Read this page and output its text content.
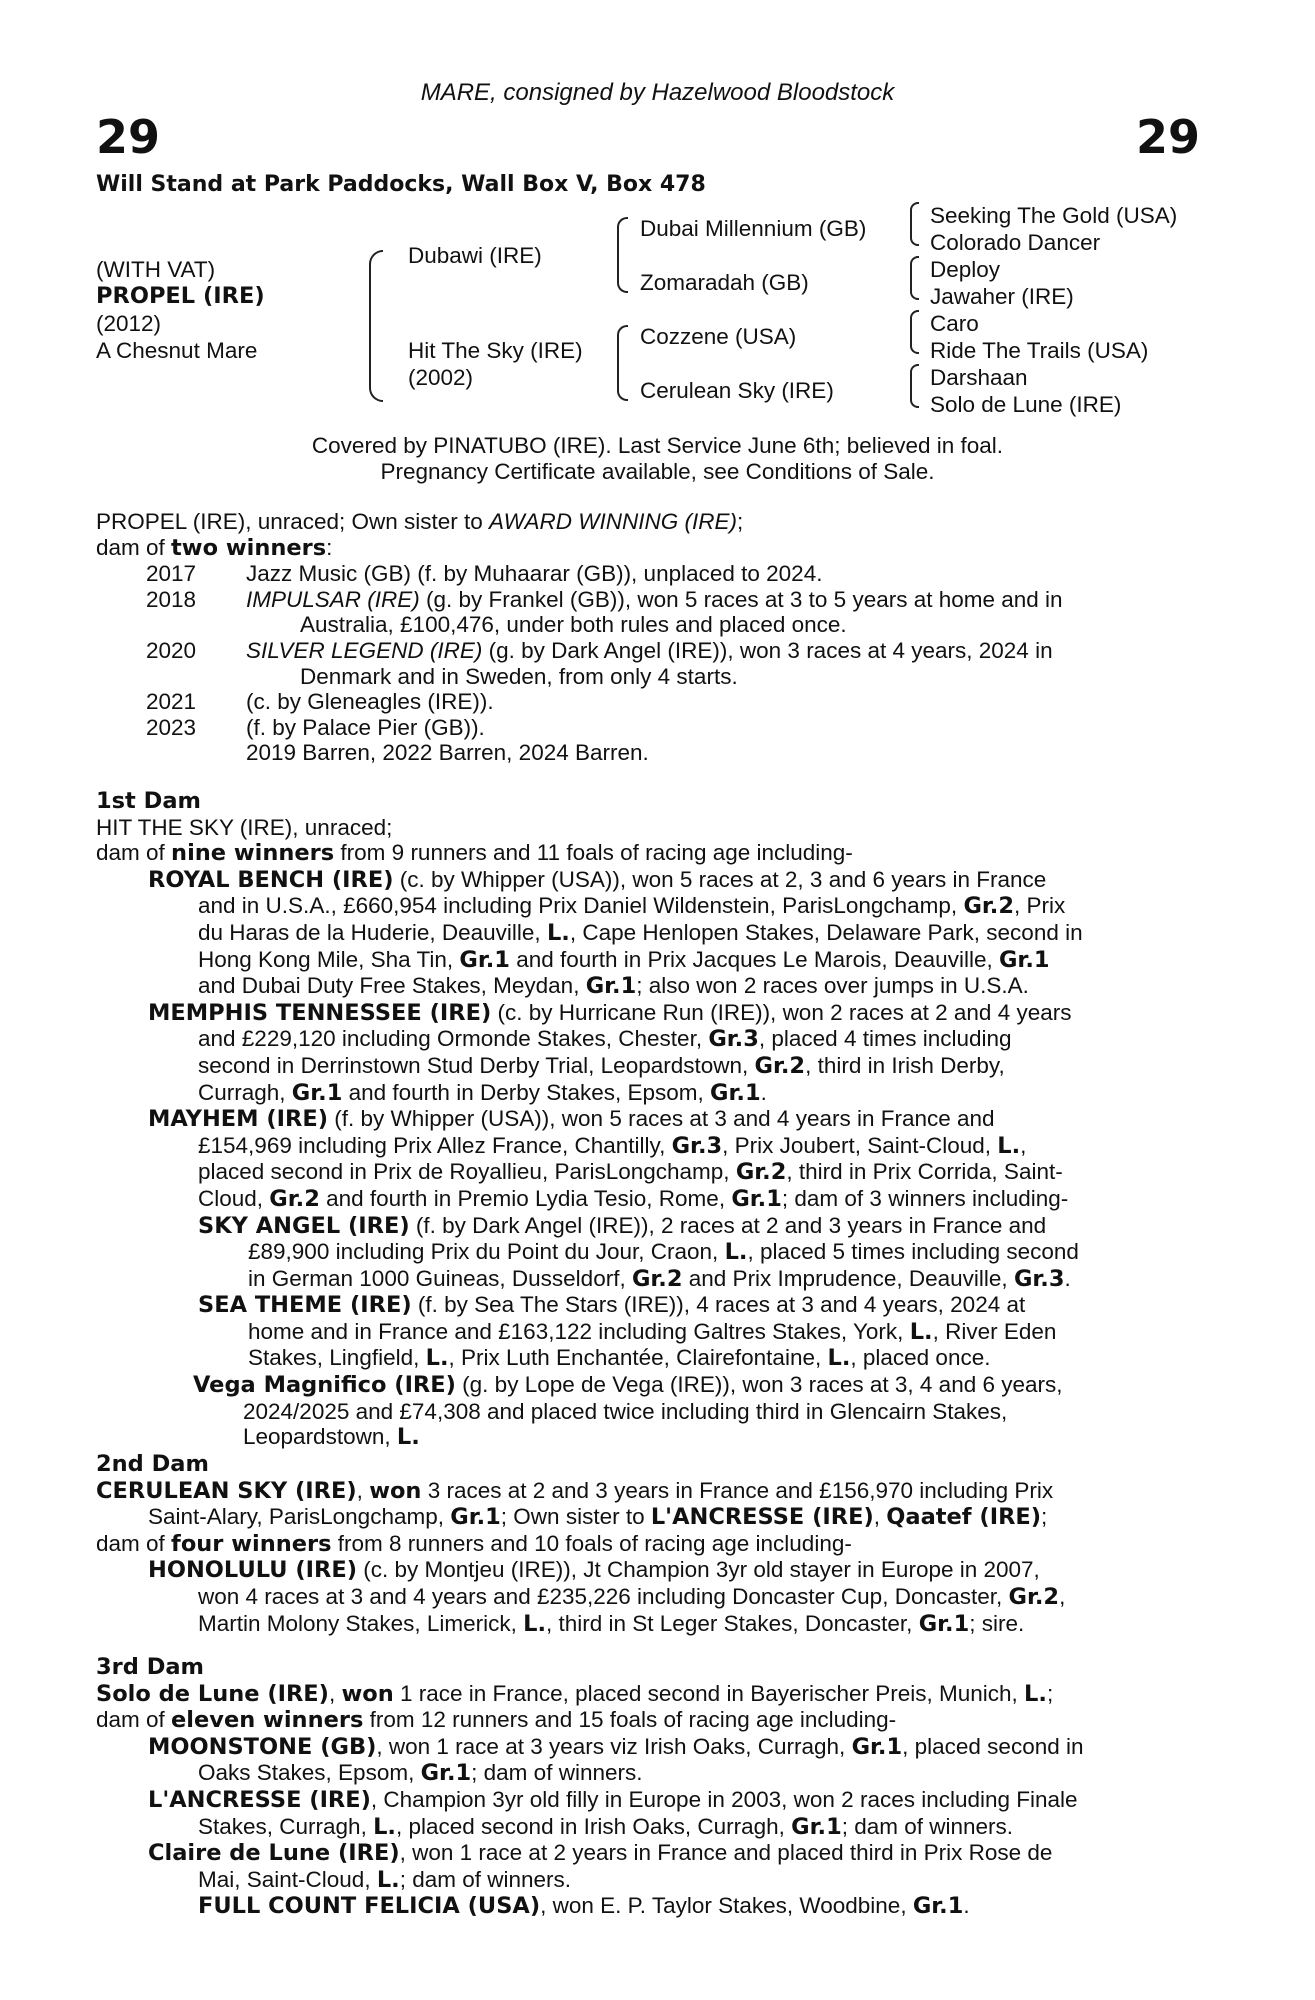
MARE, consigned by Hazelwood Bloodstock
29	29
Will Stand at Park Paddocks, Wall Box V, Box 478
(WITH VAT)
PROPEL (IRE)
(2012)
A Chesnut Mare
Dubawi (IRE)
Hit The Sky (IRE)
(2002)
Dubai Millennium (GB)
Zomaradah (GB)
Cozzene (USA)
Cerulean Sky (IRE)
Seeking The Gold (USA)
Colorado Dancer
Deploy
Jawaher (IRE)
Caro
Ride The Trails (USA)
Darshaan
Solo de Lune (IRE)
Covered by PINATUBO (IRE). Last Service June 6th; believed in foal.
Pregnancy Certificate available, see Conditions of Sale.
PROPEL (IRE), unraced; Own sister to AWARD WINNING (IRE);
dam of two winners:
2017	Jazz Music (GB) (f. by Muhaarar (GB)), unplaced to 2024.
2018	IMPULSAR (IRE) (g. by Frankel (GB)), won 5 races at 3 to 5 years at home and in
Australia, £100,476, under both rules and placed once.
2020	SILVER LEGEND (IRE) (g. by Dark Angel (IRE)), won 3 races at 4 years, 2024 in
Denmark and in Sweden, from only 4 starts.
2021	(c. by Gleneagles (IRE)).
2023	(f. by Palace Pier (GB)).
2019 Barren, 2022 Barren, 2024 Barren.
1st Dam
HIT THE SKY (IRE), unraced;
dam of nine winners from 9 runners and 11 foals of racing age including-
ROYAL BENCH (IRE) (c. by Whipper (USA)), won 5 races at 2, 3 and 6 years in France
and in U.S.A., £660,954 including Prix Daniel Wildenstein, ParisLongchamp, Gr.2, Prix
du Haras de la Huderie, Deauville, L., Cape Henlopen Stakes, Delaware Park, second in
Hong Kong Mile, Sha Tin, Gr.1 and fourth in Prix Jacques Le Marois, Deauville, Gr.1
and Dubai Duty Free Stakes, Meydan, Gr.1; also won 2 races over jumps in U.S.A.
MEMPHIS TENNESSEE (IRE) (c. by Hurricane Run (IRE)), won 2 races at 2 and 4 years
and £229,120 including Ormonde Stakes, Chester, Gr.3, placed 4 times including
second in Derrinstown Stud Derby Trial, Leopardstown, Gr.2, third in Irish Derby,
Curragh, Gr.1 and fourth in Derby Stakes, Epsom, Gr.1.
MAYHEM (IRE) (f. by Whipper (USA)), won 5 races at 3 and 4 years in France and
£154,969 including Prix Allez France, Chantilly, Gr.3, Prix Joubert, Saint-Cloud, L.,
placed second in Prix de Royallieu, ParisLongchamp, Gr.2, third in Prix Corrida, Saint-
Cloud, Gr.2 and fourth in Premio Lydia Tesio, Rome, Gr.1; dam of 3 winners including-
SKY ANGEL (IRE) (f. by Dark Angel (IRE)), 2 races at 2 and 3 years in France and
£89,900 including Prix du Point du Jour, Craon, L., placed 5 times including second
in German 1000 Guineas, Dusseldorf, Gr.2 and Prix Imprudence, Deauville, Gr.3.
SEA THEME (IRE) (f. by Sea The Stars (IRE)), 4 races at 3 and 4 years, 2024 at
home and in France and £163,122 including Galtres Stakes, York, L., River Eden
Stakes, Lingfield, L., Prix Luth Enchantée, Clairefontaine, L., placed once.
Vega Magnifico (IRE) (g. by Lope de Vega (IRE)), won 3 races at 3, 4 and 6 years,
2024/2025 and £74,308 and placed twice including third in Glencairn Stakes,
Leopardstown, L.
2nd Dam
CERULEAN SKY (IRE), won 3 races at 2 and 3 years in France and £156,970 including Prix
Saint-Alary, ParisLongchamp, Gr.1; Own sister to L'ANCRESSE (IRE), Qaatef (IRE);
dam of four winners from 8 runners and 10 foals of racing age including-
HONOLULU (IRE) (c. by Montjeu (IRE)), Jt Champion 3yr old stayer in Europe in 2007,
won 4 races at 3 and 4 years and £235,226 including Doncaster Cup, Doncaster, Gr.2,
Martin Molony Stakes, Limerick, L., third in St Leger Stakes, Doncaster, Gr.1; sire.
3rd Dam
Solo de Lune (IRE), won 1 race in France, placed second in Bayerischer Preis, Munich, L.;
dam of eleven winners from 12 runners and 15 foals of racing age including-
MOONSTONE (GB), won 1 race at 3 years viz Irish Oaks, Curragh, Gr.1, placed second in
Oaks Stakes, Epsom, Gr.1; dam of winners.
L'ANCRESSE (IRE), Champion 3yr old filly in Europe in 2003, won 2 races including Finale
Stakes, Curragh, L., placed second in Irish Oaks, Curragh, Gr.1; dam of winners.
Claire de Lune (IRE), won 1 race at 2 years in France and placed third in Prix Rose de
Mai, Saint-Cloud, L.; dam of winners.
FULL COUNT FELICIA (USA), won E. P. Taylor Stakes, Woodbine, Gr.1.
